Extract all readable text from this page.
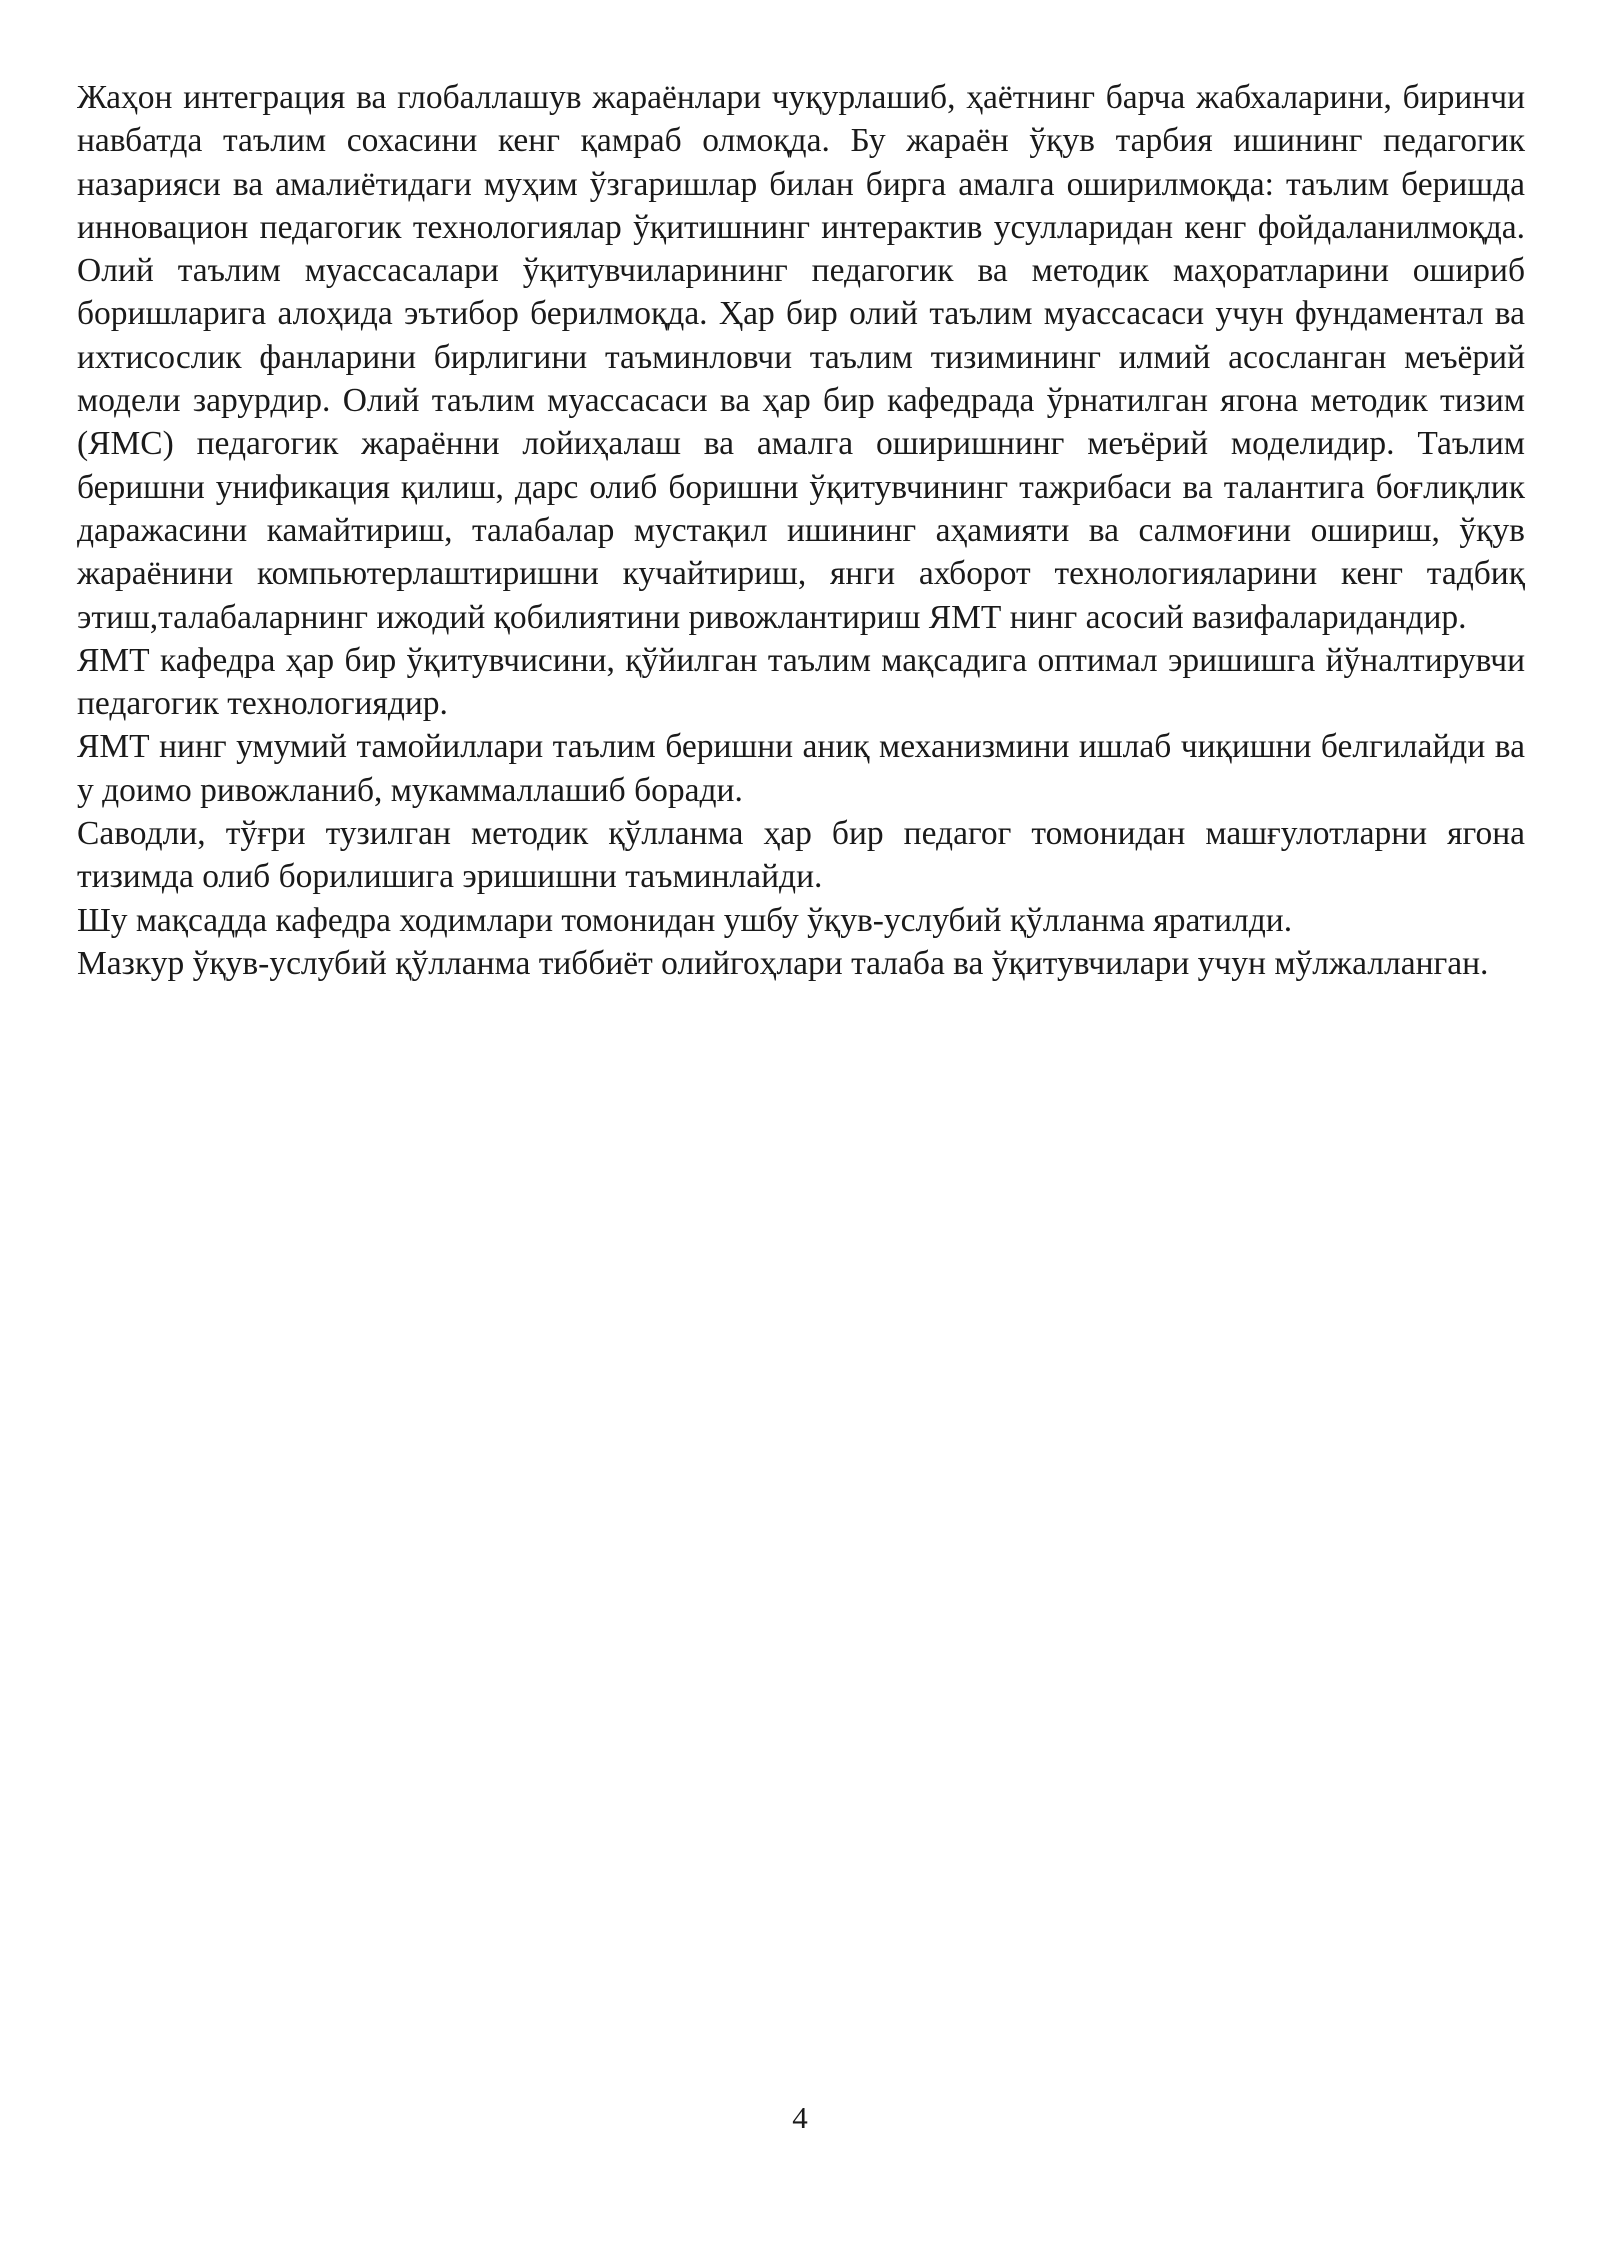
Жаҳон интеграция ва глобаллашув жараёнлари чуқурлашиб, ҳаётнинг барча жабхаларини, биринчи навбатда таълим сохасини кенг қамраб олмоқда. Бу жараён ўқув тарбия ишининг педагогик назарияси ва амалиётидаги муҳим ўзгаришлар билан бирга амалга оширилмоқда: таълим беришда инновацион педагогик технологиялар ўқитишнинг интерактив усулларидан кенг фойдаланилмоқда. Олий таълим муассасалари ўқитувчиларининг педагогик ва методик маҳоратларини ошириб боришларига алоҳида эътибор берилмоқда. Ҳар бир олий таълим муассасаси учун фундаментал ва ихтисослик фанларини бирлигини таъминловчи таълим тизимининг илмий асосланган меъёрий модели зарурдир. Олий таълим муассасаси ва ҳар бир кафедрада ўрнатилган ягона методик тизим (ЯМС) педагогик жараённи лойиҳалаш ва амалга оширишнинг меъёрий моделидир. Таълим беришни унификация қилиш, дарс олиб боришни ўқитувчининг тажрибаси ва талантига боғлиқлик даражасини камайтириш, талабалар мустақил ишининг аҳамияти ва салмоғини ошириш, ўқув жараёнини компьютерлаштиришни кучайтириш, янги ахборот технологияларини кенг тадбиқ этиш,талабаларнинг ижодий қобилиятини ривожлантириш ЯМТ нинг асосий вазифаларидандир.

ЯМТ кафедра ҳар бир ўқитувчисини, қўйилган таълим мақсадига оптимал эришишга йўналтирувчи педагогик технологиядир.

ЯМТ нинг умумий тамойиллари таълим беришни аниқ механизмини ишлаб чиқишни белгилайди ва у доимо ривожланиб, мукаммаллашиб боради.

Саводли, тўғри тузилган методик қўлланма ҳар бир педагог томонидан машғулотларни ягона тизимда олиб борилишига эришишни таъминлайди.

Шу мақсадда кафедра ходимлари томонидан ушбу ўқув-услубий қўлланма яратилди.

Мазкур ўқув-услубий қўлланма тиббиёт олийгоҳлари талаба ва ўқитувчилари учун мўлжалланган.

4
